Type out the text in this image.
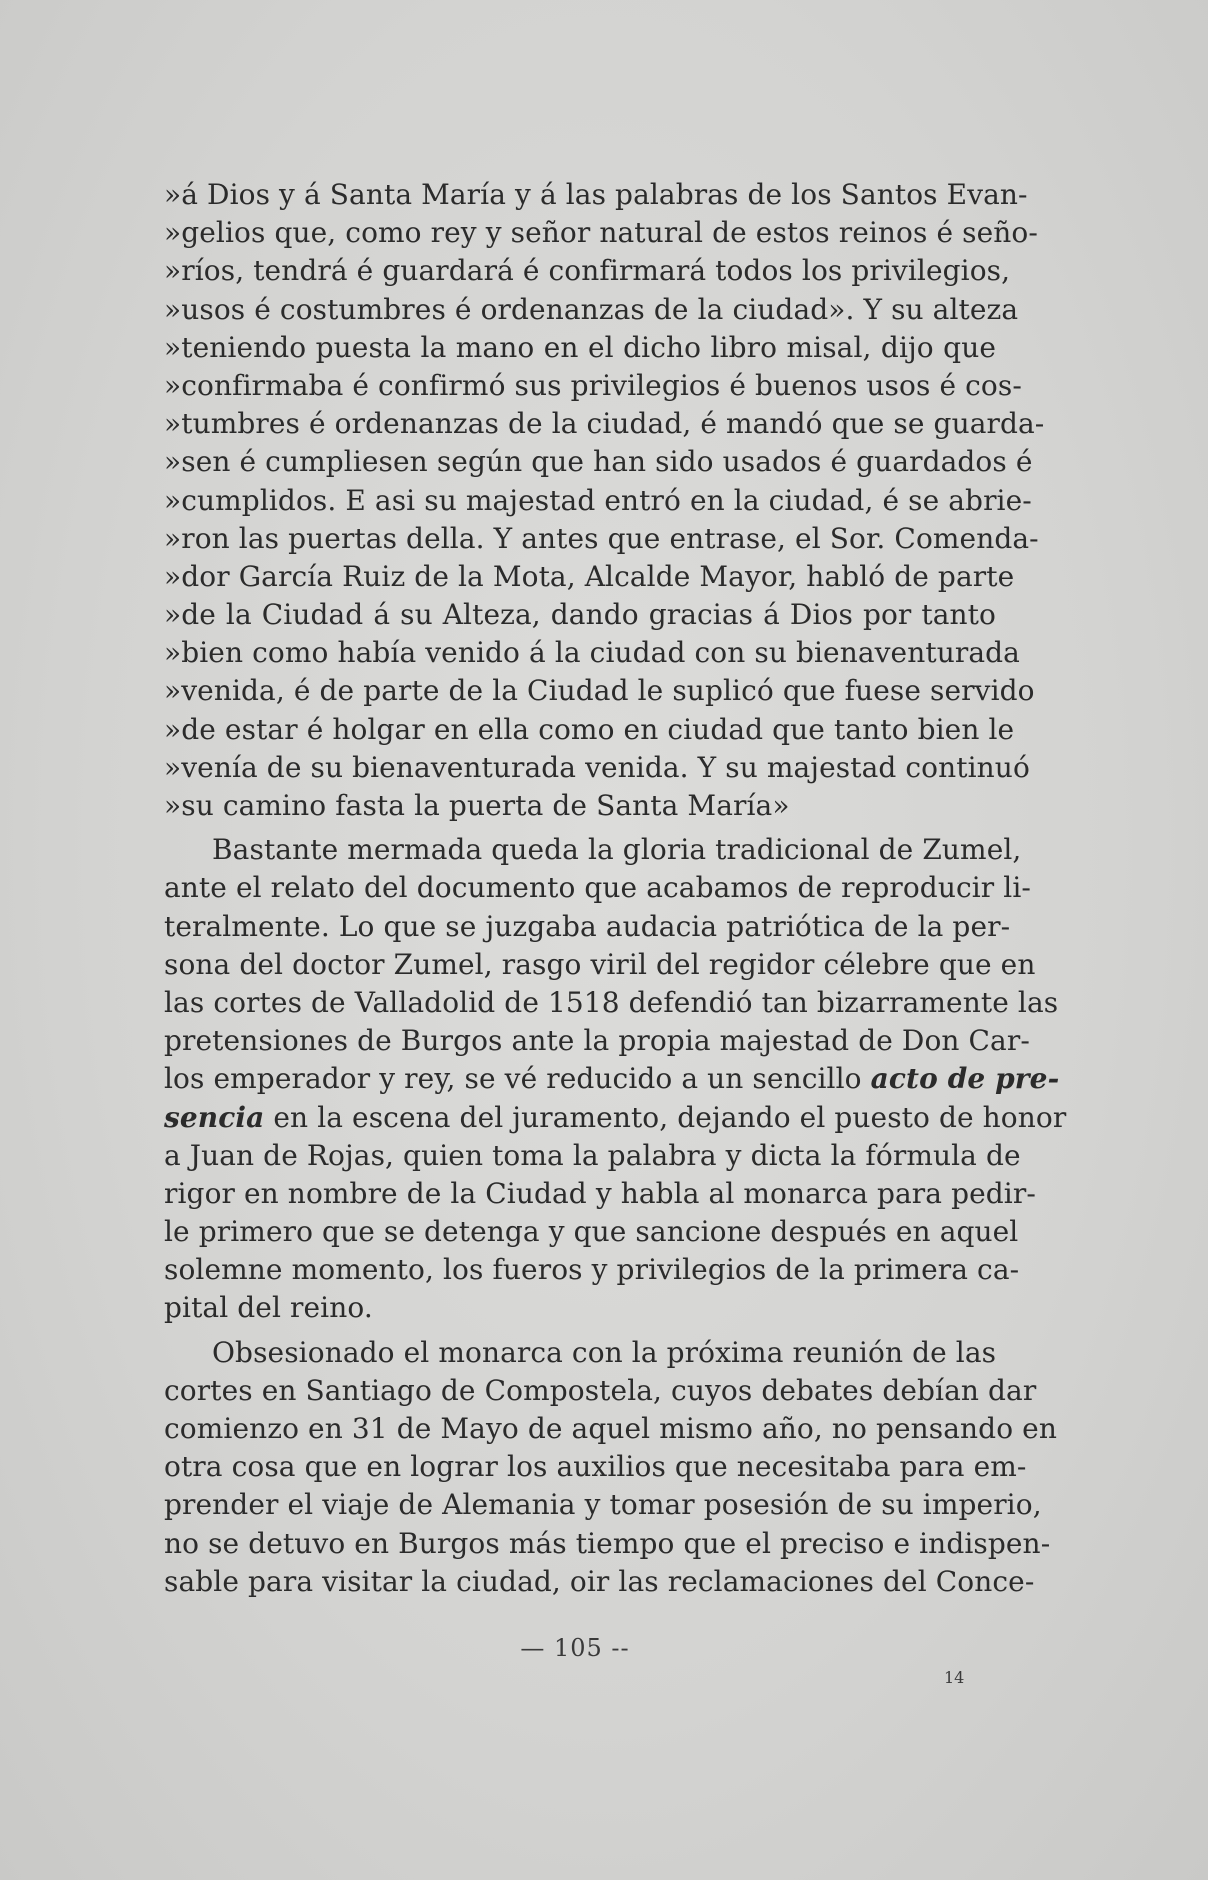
»á Dios y á Santa María y á las palabras de los Santos Evan-
»gelios que, como rey y señor natural de estos reinos é seño-
»ríos, tendrá é guardará é confirmará todos los privilegios,
»usos é costumbres é ordenanzas de la ciudad». Y su alteza
»teniendo puesta la mano en el dicho libro misal, dijo que
»confirmaba é confirmó sus privilegios é buenos usos é cos-
»tumbres é ordenanzas de la ciudad, é mandó que se guarda-
»sen é cumpliesen según que han sido usados é guardados é
»cumplidos. E asi su majestad entró en la ciudad, é se abrie-
»ron las puertas della. Y antes que entrase, el Sor. Comenda-
»dor García Ruiz de la Mota, Alcalde Mayor, habló de parte
»de la Ciudad á su Alteza, dando gracias á Dios por tanto
»bien como había venido á la ciudad con su bienaventurada
»venida, é de parte de la Ciudad le suplicó que fuese servido
»de estar é holgar en ella como en ciudad que tanto bien le
»venía de su bienaventurada venida. Y su majestad continuó
»su camino fasta la puerta de Santa María»
Bastante mermada queda la gloria tradicional de Zumel,
ante el relato del documento que acabamos de reproducir li-
teralmente. Lo que se juzgaba audacia patriótica de la per-
sona del doctor Zumel, rasgo viril del regidor célebre que en
las cortes de Valladolid de 1518 defendió tan bizarramente las
pretensiones de Burgos ante la propia majestad de Don Car-
los emperador y rey, se vé reducido a un sencillo acto de pre-
sencia en la escena del juramento, dejando el puesto de honor
a Juan de Rojas, quien toma la palabra y dicta la fórmula de
rigor en nombre de la Ciudad y habla al monarca para pedir-
le primero que se detenga y que sancione después en aquel
solemne momento, los fueros y privilegios de la primera ca-
pital del reino.
Obsesionado el monarca con la próxima reunión de las
cortes en Santiago de Compostela, cuyos debates debían dar
comienzo en 31 de Mayo de aquel mismo año, no pensando en
otra cosa que en lograr los auxilios que necesitaba para em-
prender el viaje de Alemania y tomar posesión de su imperio,
no se detuvo en Burgos más tiempo que el preciso e indispen-
sable para visitar la ciudad, oir las reclamaciones del Conce-
— 105 --
14
